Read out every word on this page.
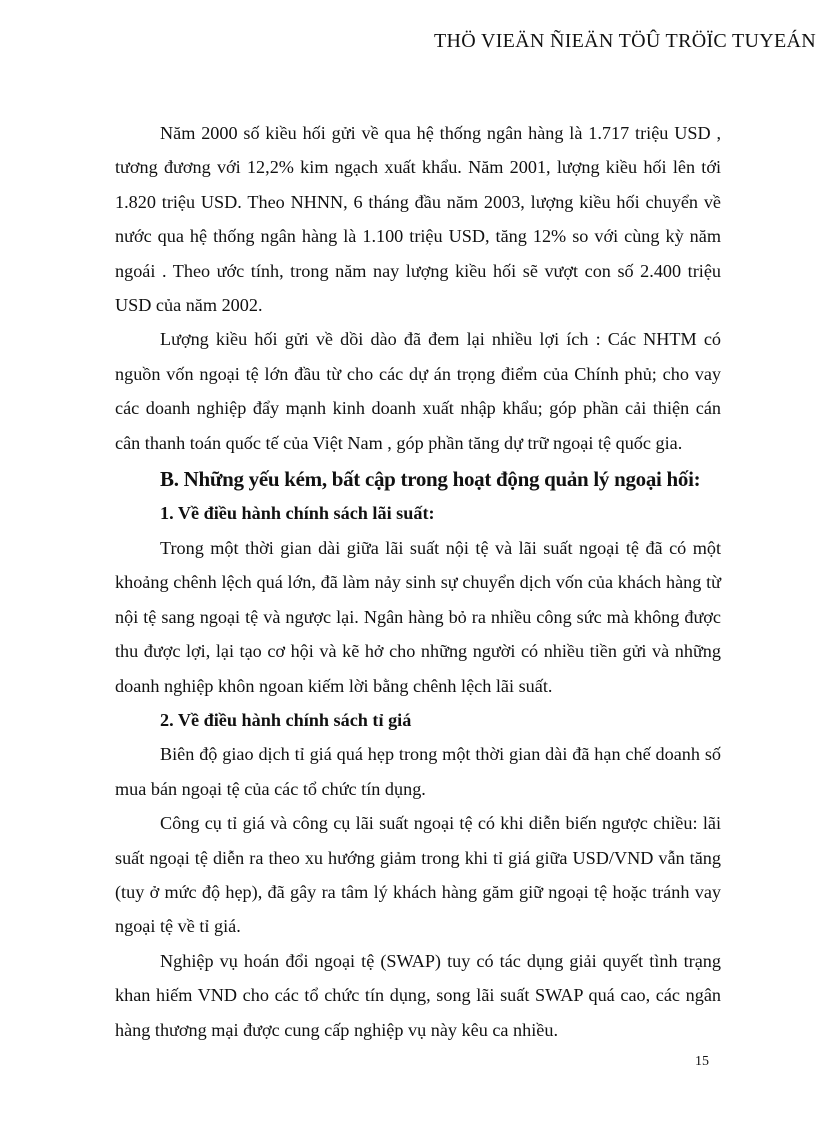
THÖ VIEÄN ÑIEÄN TÖÛ TRÖÏC TUYEÁN

Năm 2000 số kiều hối gửi về qua hệ thống ngân hàng là 1.717 triệu USD , tương đương với 12,2% kim ngạch xuất khẩu. Năm 2001, lượng kiều hối lên tới 1.820 triệu USD. Theo NHNN, 6 tháng đầu năm 2003, lượng kiều hối chuyển về nước qua hệ thống ngân hàng là 1.100 triệu USD, tăng 12% so với cùng kỳ năm ngoái . Theo ước tính, trong năm nay lượng kiều hối sẽ vượt con số 2.400 triệu USD của năm 2002.

Lượng kiều hối gửi về dồi dào đã đem lại nhiều lợi ích : Các NHTM có nguồn vốn ngoại tệ lớn đầu từ cho các dự án trọng điểm của Chính phủ; cho vay các doanh nghiệp đẩy mạnh kinh doanh xuất nhập khẩu; góp phần cải thiện cán cân thanh toán quốc tế của Việt Nam , góp phần tăng dự trữ ngoại tệ quốc gia.

B. Những yếu kém, bất cập trong hoạt động quản lý ngoại hối:
1. Về điều hành chính sách lãi suất:

Trong một thời gian dài giữa lãi suất nội tệ và lãi suất ngoại tệ đã có một khoảng chênh lệch quá lớn, đã làm nảy sinh sự chuyển dịch vốn của khách hàng từ nội tệ sang ngoại tệ và ngược lại. Ngân hàng bỏ ra nhiều công sức mà không được thu được lợi, lại tạo cơ hội và kẽ hở cho những người có nhiều tiền gửi và những doanh nghiệp khôn ngoan kiếm lời bằng chênh lệch lãi suất.

2. Về điều hành chính sách tỉ giá

Biên độ giao dịch tỉ giá quá hẹp trong một thời gian dài đã hạn chế doanh số mua bán ngoại tệ của các tổ chức tín dụng.

Công cụ tỉ giá và công cụ lãi suất ngoại tệ có khi diễn biến ngược chiều: lãi suất ngoại tệ diễn ra theo xu hướng giảm trong khi tỉ giá giữa USD/VND vẫn tăng (tuy ở mức độ hẹp), đã gây ra tâm lý khách hàng găm giữ ngoại tệ hoặc tránh vay ngoại tệ về tỉ giá.

Nghiệp vụ hoán đổi ngoại tệ (SWAP) tuy có tác dụng giải quyết tình trạng khan hiếm VND cho các tổ chức tín dụng, song lãi suất SWAP quá cao, các ngân hàng thương mại được cung cấp nghiệp vụ này kêu ca nhiều.

15
